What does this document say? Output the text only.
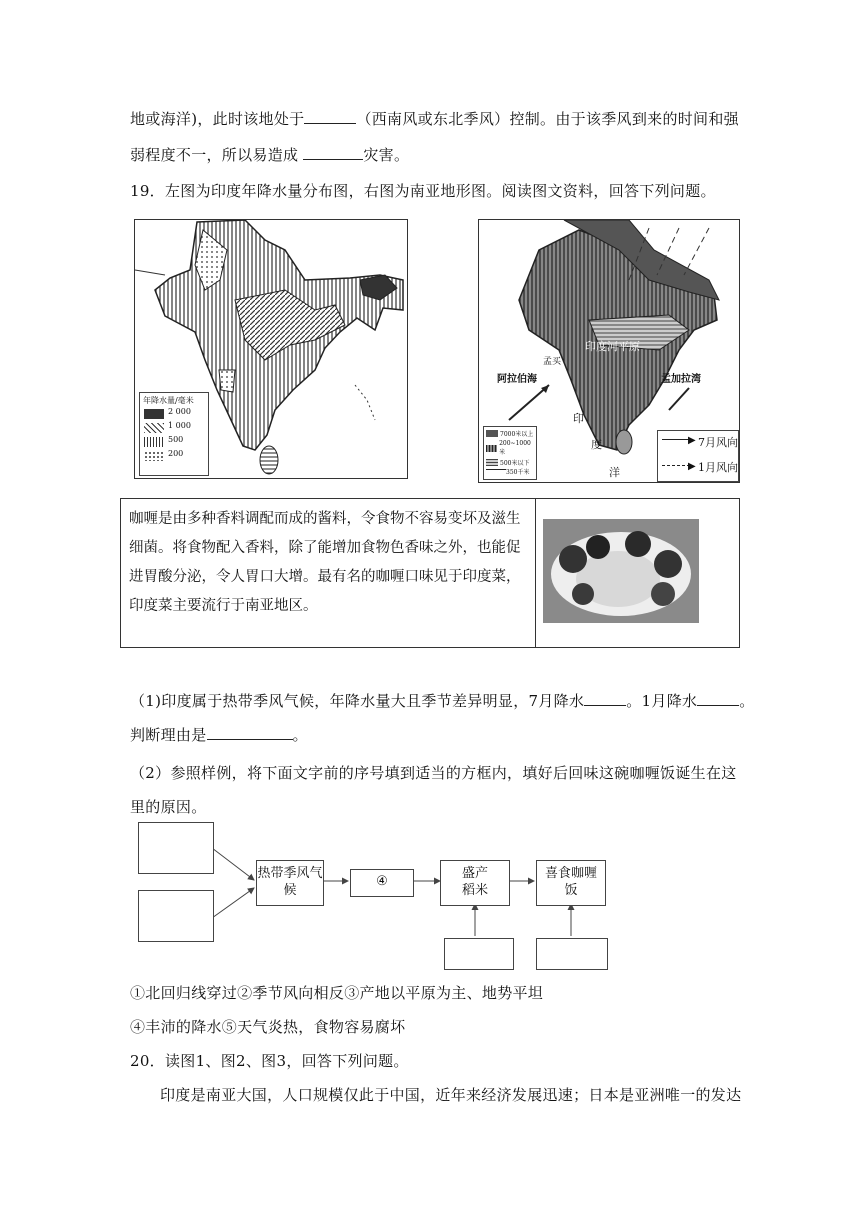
地或海洋)，此时该地处于	（西南风或东北季风）控制。由于该季风到来的时间和强
弱程度不一，所以易造成	灾害。
19．左图为印度年降水量分布图，右图为南亚地形图。阅读图文资料，回答下列问题。
年降水量/毫米
2 000
1 000
500
200
印度河平原
孟买
阿拉伯海	孟加拉湾
印
度
洋
7000米以上
200~1000米
500米以下
350千米
▶ 7月风向
▶ 1月风向
咖喱是由多种香料调配而成的酱料，令食物不容易变坏及滋生细菌。将食物配入香料，除了能增加食物色香味之外，也能促进胃酸分泌，令人胃口大增。最有名的咖喱口味见于印度菜，印度菜主要流行于南亚地区。
（1)印度属于热带季风气候，年降水量大且季节差异明显，7月降水	。1月降水	。
判断理由是	。
（2）参照样例，将下面文字前的序号填到适当的方框内，填好后回味这碗咖喱饭诞生在这
里的原因。
热带季风气候
④
盛产稻米
喜食咖喱饭
①北回归线穿过②季节风向相反③产地以平原为主、地势平坦
④丰沛的降水⑤天气炎热，食物容易腐坏
20．读图1、图2、图3，回答下列问题。
印度是南亚大国，人口规模仅此于中国，近年来经济发展迅速；日本是亚洲唯一的发达
